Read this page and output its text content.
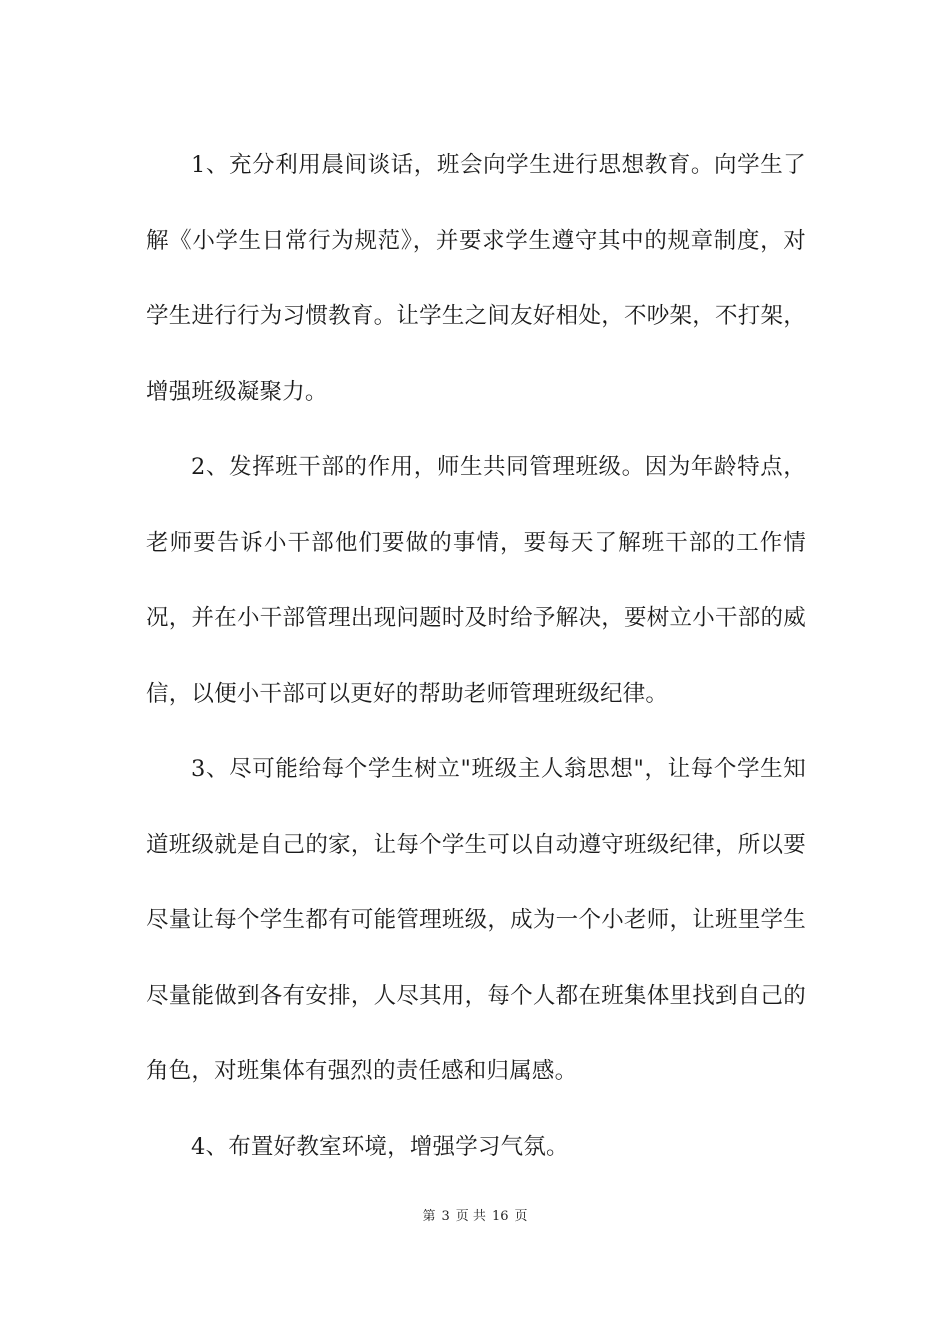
1、充分利用晨间谈话，班会向学生进行思想教育。向学生了解《小学生日常行为规范》，并要求学生遵守其中的规章制度，对学生进行行为习惯教育。让学生之间友好相处，不吵架，不打架，增强班级凝聚力。

2、发挥班干部的作用，师生共同管理班级。因为年龄特点，老师要告诉小干部他们要做的事情，要每天了解班干部的工作情况，并在小干部管理出现问题时及时给予解决，要树立小干部的威信，以便小干部可以更好的帮助老师管理班级纪律。

3、尽可能给每个学生树立"班级主人翁思想"，让每个学生知道班级就是自己的家，让每个学生可以自动遵守班级纪律，所以要尽量让每个学生都有可能管理班级，成为一个小老师，让班里学生尽量能做到各有安排，人尽其用，每个人都在班集体里找到自己的角色，对班集体有强烈的责任感和归属感。

4、布置好教室环境，增强学习气氛。

第 3 页 共 16 页
